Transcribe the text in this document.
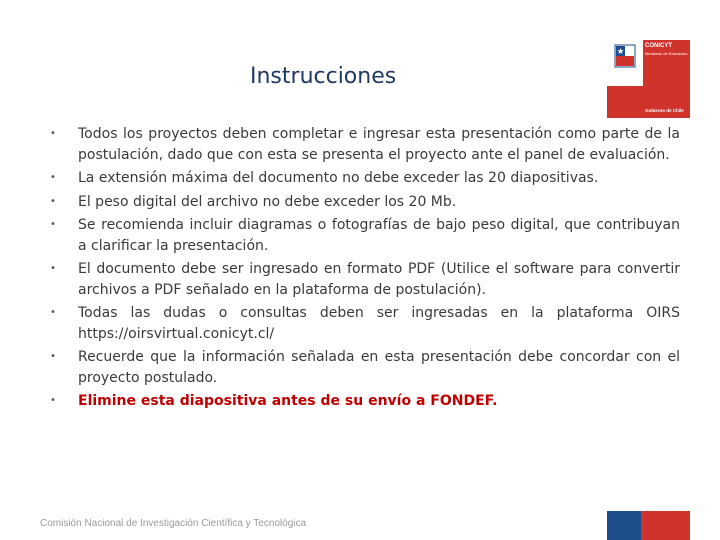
Instrucciones
CONICYT
Ministerio de Educación
Gobierno de Chile
• Todos los proyectos deben completar e ingresar esta presentación como parte de la postulación, dado que con esta se presenta el proyecto ante el panel de evaluación.
• La extensión máxima del documento no debe exceder las 20 diapositivas.
• El peso digital del archivo no debe exceder los 20 Mb.
• Se recomienda incluir diagramas o fotografías de bajo peso digital, que contribuyan a clarificar la presentación.
• El documento debe ser ingresado en formato PDF (Utilice el software para convertir archivos a PDF señalado en la plataforma de postulación).
• Todas las dudas o consultas deben ser ingresadas en la plataforma OIRS https://oirsvirtual.conicyt.cl/
• Recuerde que la información señalada en esta presentación debe concordar con el proyecto postulado.
• Elimine esta diapositiva antes de su envío a FONDEF.
Comisión Nacional de Investigación Científica y Tecnológica
